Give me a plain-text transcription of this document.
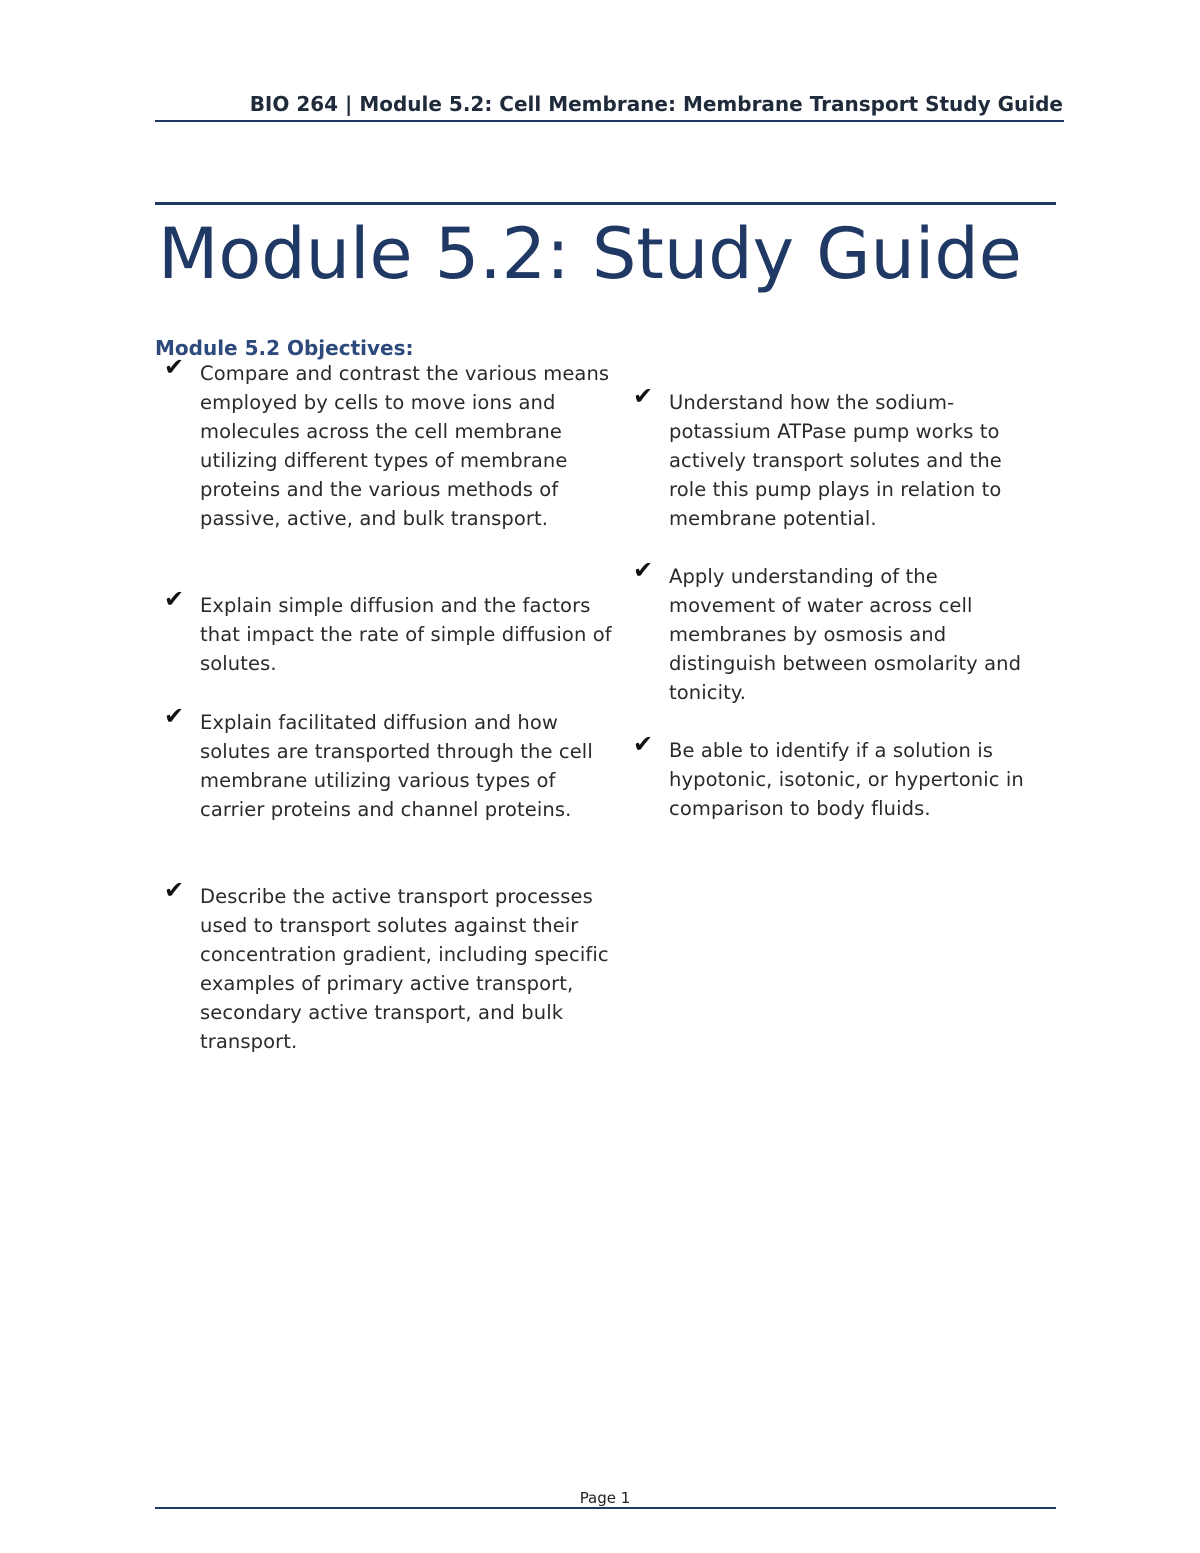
BIO 264 | Module 5.2: Cell Membrane: Membrane Transport Study Guide
Module 5.2: Study Guide
Module 5.2 Objectives:
✔ Compare and contrast the various means employed by cells to move ions and molecules across the cell membrane utilizing different types of membrane proteins and the various methods of passive, active, and bulk transport.
✔ Explain simple diffusion and the factors that impact the rate of simple diffusion of solutes.
✔ Explain facilitated diffusion and how solutes are transported through the cell membrane utilizing various types of carrier proteins and channel proteins.
✔ Describe the active transport processes used to transport solutes against their concentration gradient, including specific examples of primary active transport, secondary active transport, and bulk transport.
✔ Understand how the sodium-potassium ATPase pump works to actively transport solutes and the role this pump plays in relation to membrane potential.
✔ Apply understanding of the movement of water across cell membranes by osmosis and distinguish between osmolarity and tonicity.
✔ Be able to identify if a solution is hypotonic, isotonic, or hypertonic in comparison to body fluids.
Page 1
